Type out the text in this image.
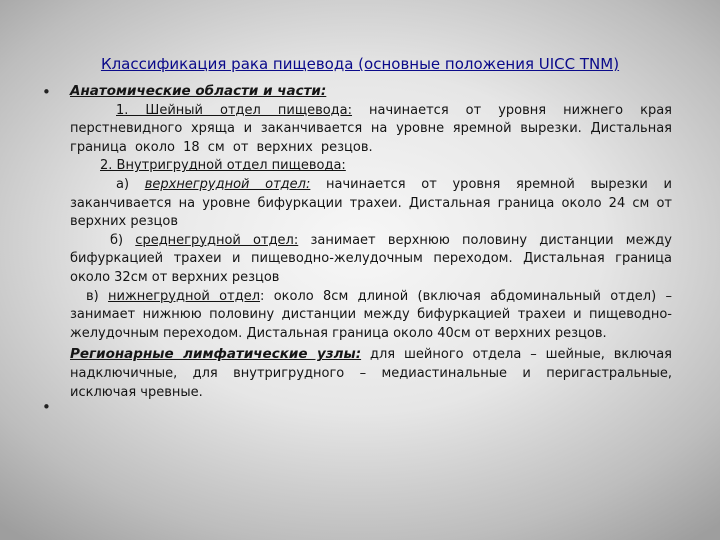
Классификация рака пищевода (основные положения UICC TNM)
•
•

Анатомические области и части:

1. Шейный отдел пищевода: начинается от уровня нижнего края перстневидного хряща и заканчивается на уровне яремной вырезки. Дистальная граница около 18 см от верхних резцов.

2. Внутригрудной отдел пищевода:

а) верхнегрудной отдел: начинается от уровня яремной вырезки и заканчивается на уровне бифуркации трахеи. Дистальная граница около 24 см от верхних резцов

б) среднегрудной отдел: занимает верхнюю половину дистанции между бифуркацией трахеи и пищеводно-желудочным переходом. Дистальная граница около 32см от верхних резцов

в) нижнегрудной отдел: около 8см длиной (включая абдоминальный отдел) – занимает нижнюю половину дистанции между бифуркацией трахеи и пищеводно-желудочным переходом. Дистальная граница около 40см от верхних резцов.

Регионарные лимфатические узлы: для шейного отдела – шейные, включая надключичные, для внутригрудного – медиастинальные и перигастральные, исключая чревные.
